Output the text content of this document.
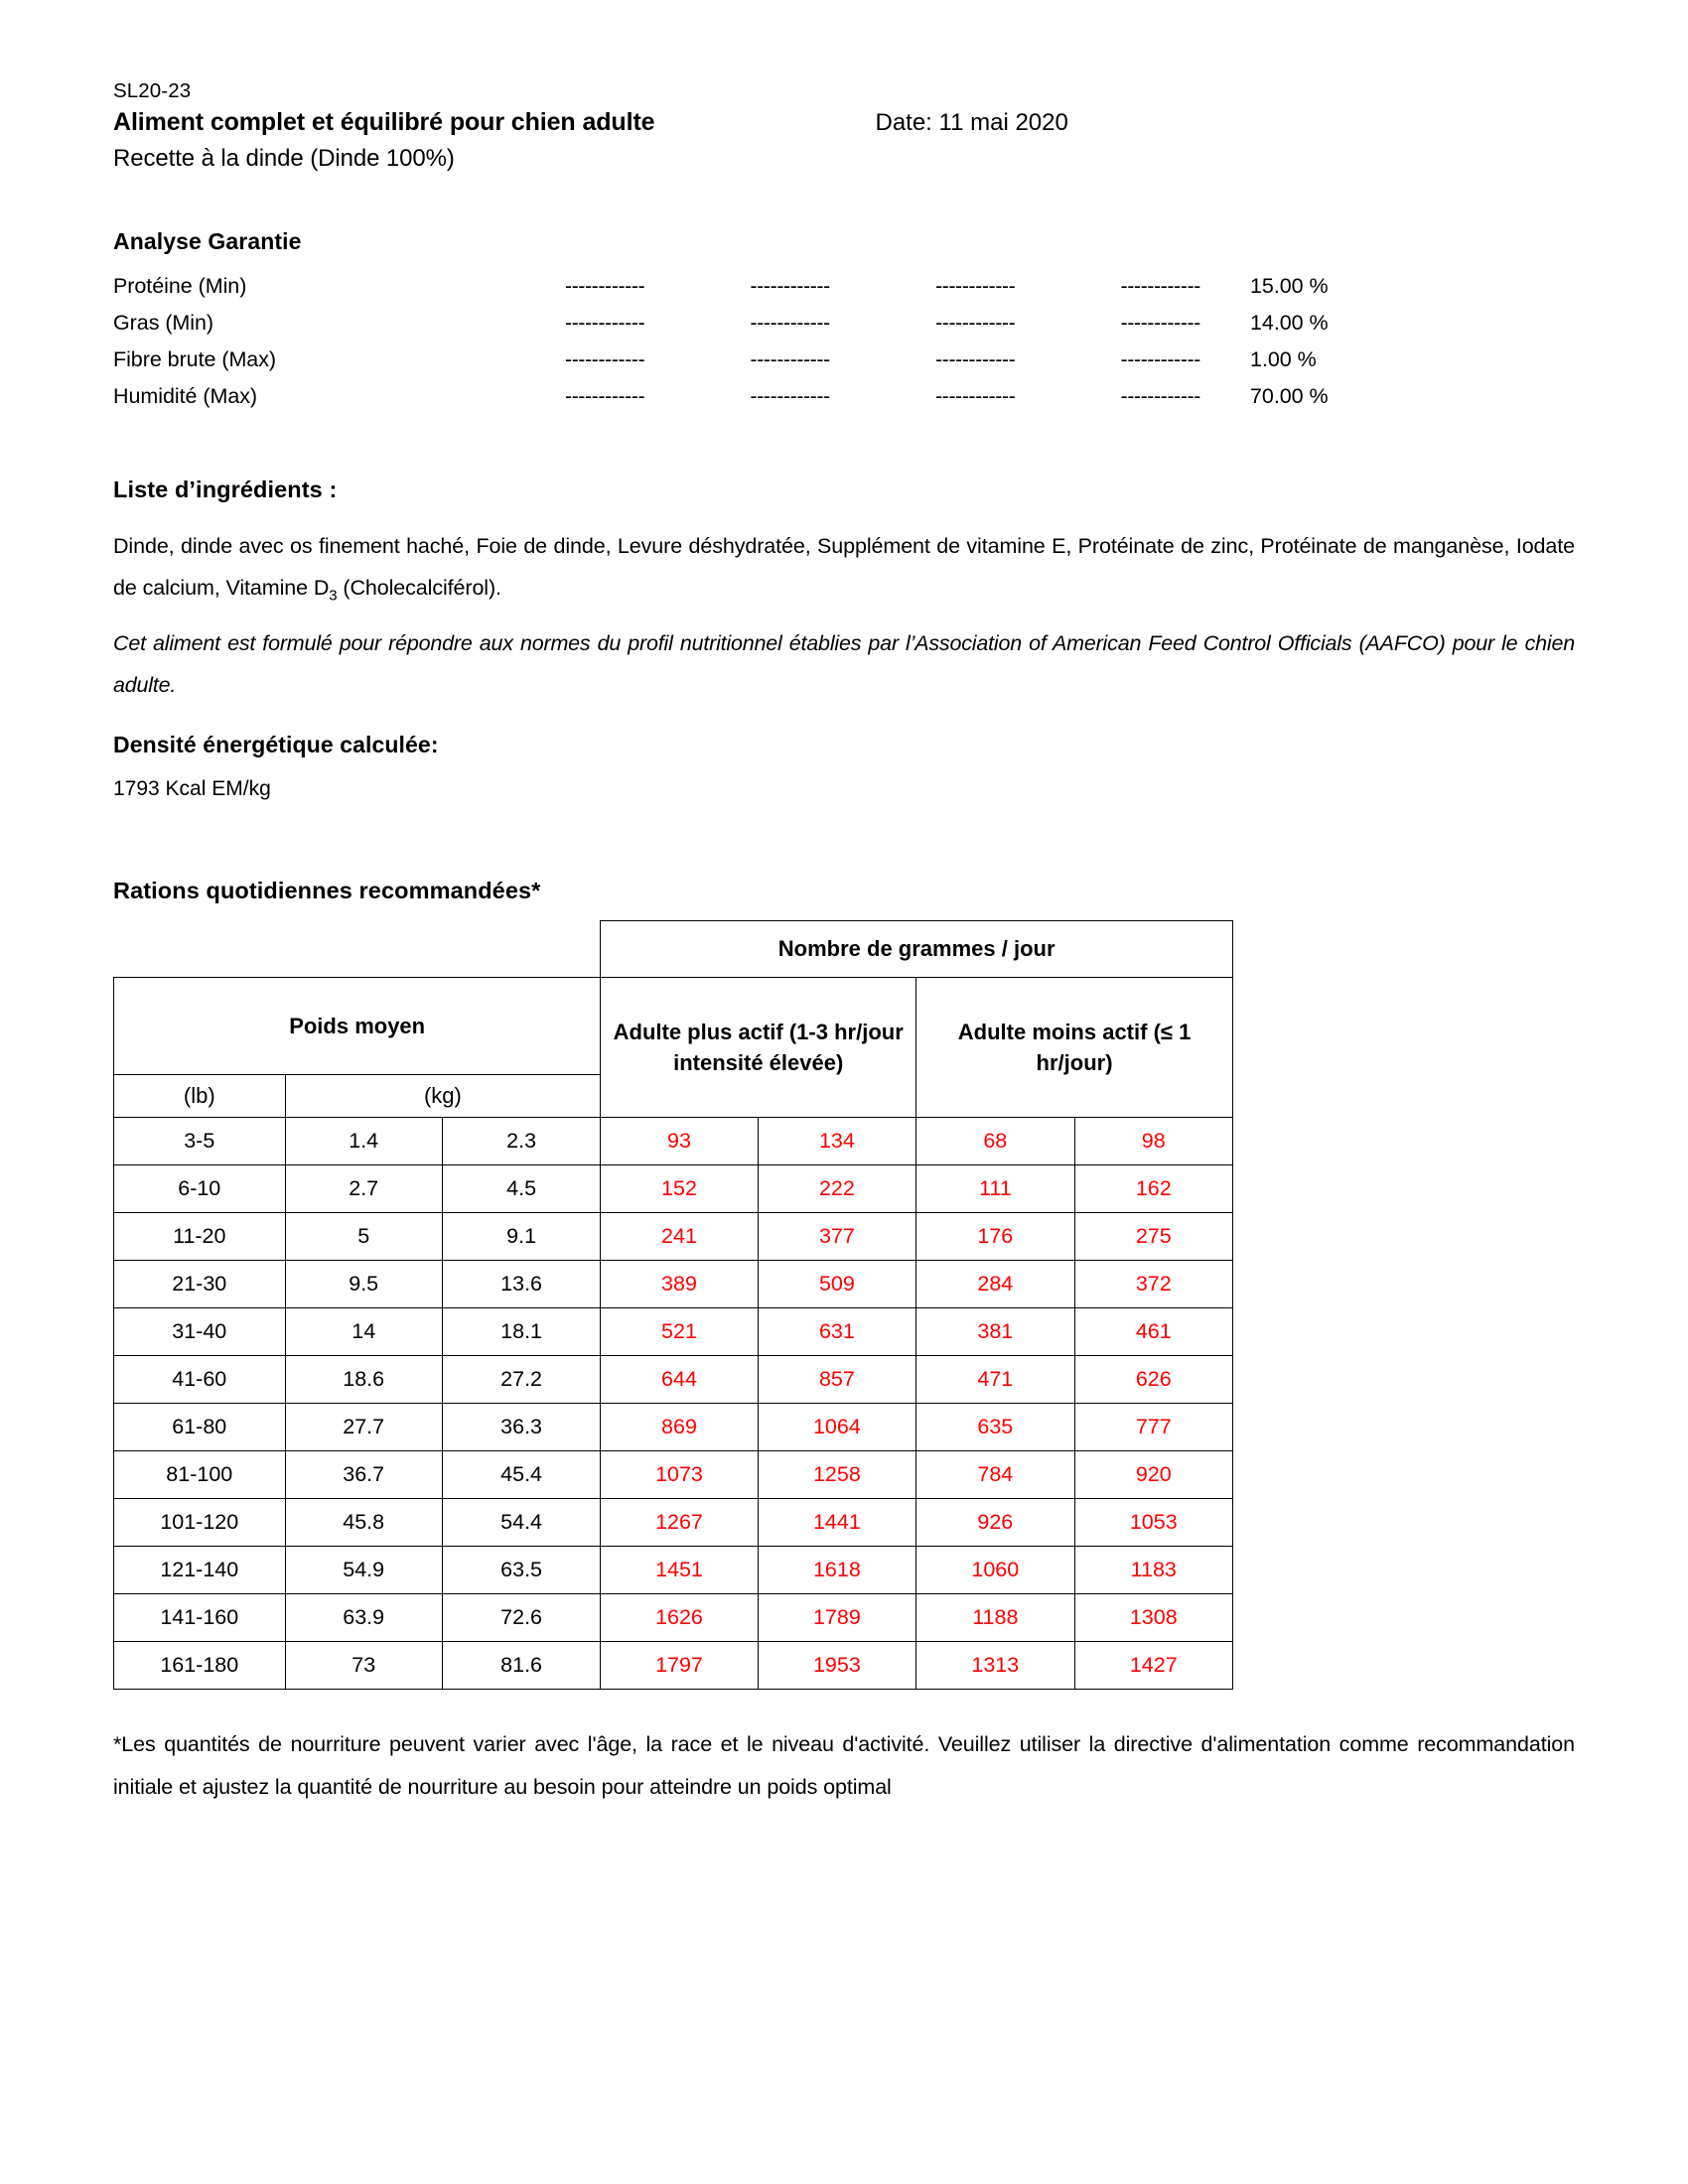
SL20-23
Aliment complet et équilibré pour chien adulte	Date: 11 mai 2020
Recette à la dinde (Dinde 100%)
Analyse Garantie
Protéine (Min)	------------	------------	------------	------------ 15.00 %
Gras (Min)	------------	------------	------------	------------ 14.00 %
Fibre brute (Max)	------------	------------	------------	------------ 1.00 %
Humidité (Max)	------------	------------	------------	------------ 70.00 %
Liste d’ingrédients :
Dinde, dinde avec os finement haché, Foie de dinde, Levure déshydratée, Supplément de vitamine E, Protéinate de zinc, Protéinate de manganèse, Iodate de calcium, Vitamine $D_3$ (Cholecalciférol).
Cet aliment est formulé pour répondre aux normes du profil nutritionnel établies par l’Association of American Feed Control Officials (AAFCO) pour le chien adulte.
Densité énergétique calculée:
1793 Kcal EM/kg
Rations quotidiennes recommandées*
			Nombre de grammes / jour			
Poids moyen			Adulte plus actif (1-3 hr/jour intensité élevée)		Adulte moins actif (≤ 1 hr/jour)	
(lb)	(kg)					
3-5	1.4	2.3	93	134	68	98
6-10	2.7	4.5	152	222	111	162
11-20	5	9.1	241	377	176	275
21-30	9.5	13.6	389	509	284	372
31-40	14	18.1	521	631	381	461
41-60	18.6	27.2	644	857	471	626
61-80	27.7	36.3	869	1064	635	777
81-100	36.7	45.4	1073	1258	784	920
101-120	45.8	54.4	1267	1441	926	1053
121-140	54.9	63.5	1451	1618	1060	1183
141-160	63.9	72.6	1626	1789	1188	1308
161-180	73	81.6	1797	1953	1313	1427
*Les quantités de nourriture peuvent varier avec l'âge, la race et le niveau d'activité. Veuillez utiliser la directive d'alimentation comme recommandation initiale et ajustez la quantité de nourriture au besoin pour atteindre un poids optimal
